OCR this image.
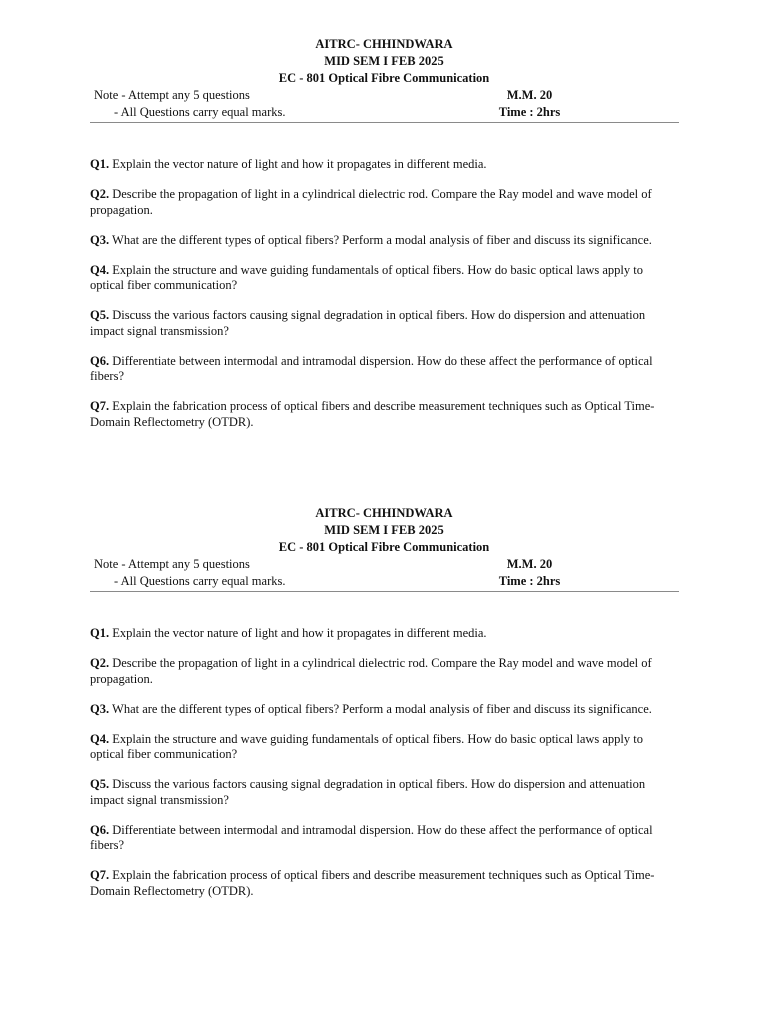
AITRC- CHHINDWARA
MID SEM I FEB 2025
EC - 801 Optical Fibre Communication
Note - Attempt any 5 questions	M.M. 20
- All Questions carry equal marks.	Time : 2hrs

Q1. Explain the vector nature of light and how it propagates in different media.

Q2. Describe the propagation of light in a cylindrical dielectric rod. Compare the Ray model and wave model of propagation.

Q3. What are the different types of optical fibers? Perform a modal analysis of fiber and discuss its significance.

Q4. Explain the structure and wave guiding fundamentals of optical fibers. How do basic optical laws apply to optical fiber communication?

Q5. Discuss the various factors causing signal degradation in optical fibers. How do dispersion and attenuation impact signal transmission?

Q6. Differentiate between intermodal and intramodal dispersion. How do these affect the performance of optical fibers?

Q7. Explain the fabrication process of optical fibers and describe measurement techniques such as Optical Time-Domain Reflectometry (OTDR).

AITRC- CHHINDWARA
MID SEM I FEB 2025
EC - 801 Optical Fibre Communication
Note - Attempt any 5 questions	M.M. 20
- All Questions carry equal marks.	Time : 2hrs

Q1. Explain the vector nature of light and how it propagates in different media.

Q2. Describe the propagation of light in a cylindrical dielectric rod. Compare the Ray model and wave model of propagation.

Q3. What are the different types of optical fibers? Perform a modal analysis of fiber and discuss its significance.

Q4. Explain the structure and wave guiding fundamentals of optical fibers. How do basic optical laws apply to optical fiber communication?

Q5. Discuss the various factors causing signal degradation in optical fibers. How do dispersion and attenuation impact signal transmission?

Q6. Differentiate between intermodal and intramodal dispersion. How do these affect the performance of optical fibers?

Q7. Explain the fabrication process of optical fibers and describe measurement techniques such as Optical Time-Domain Reflectometry (OTDR).
